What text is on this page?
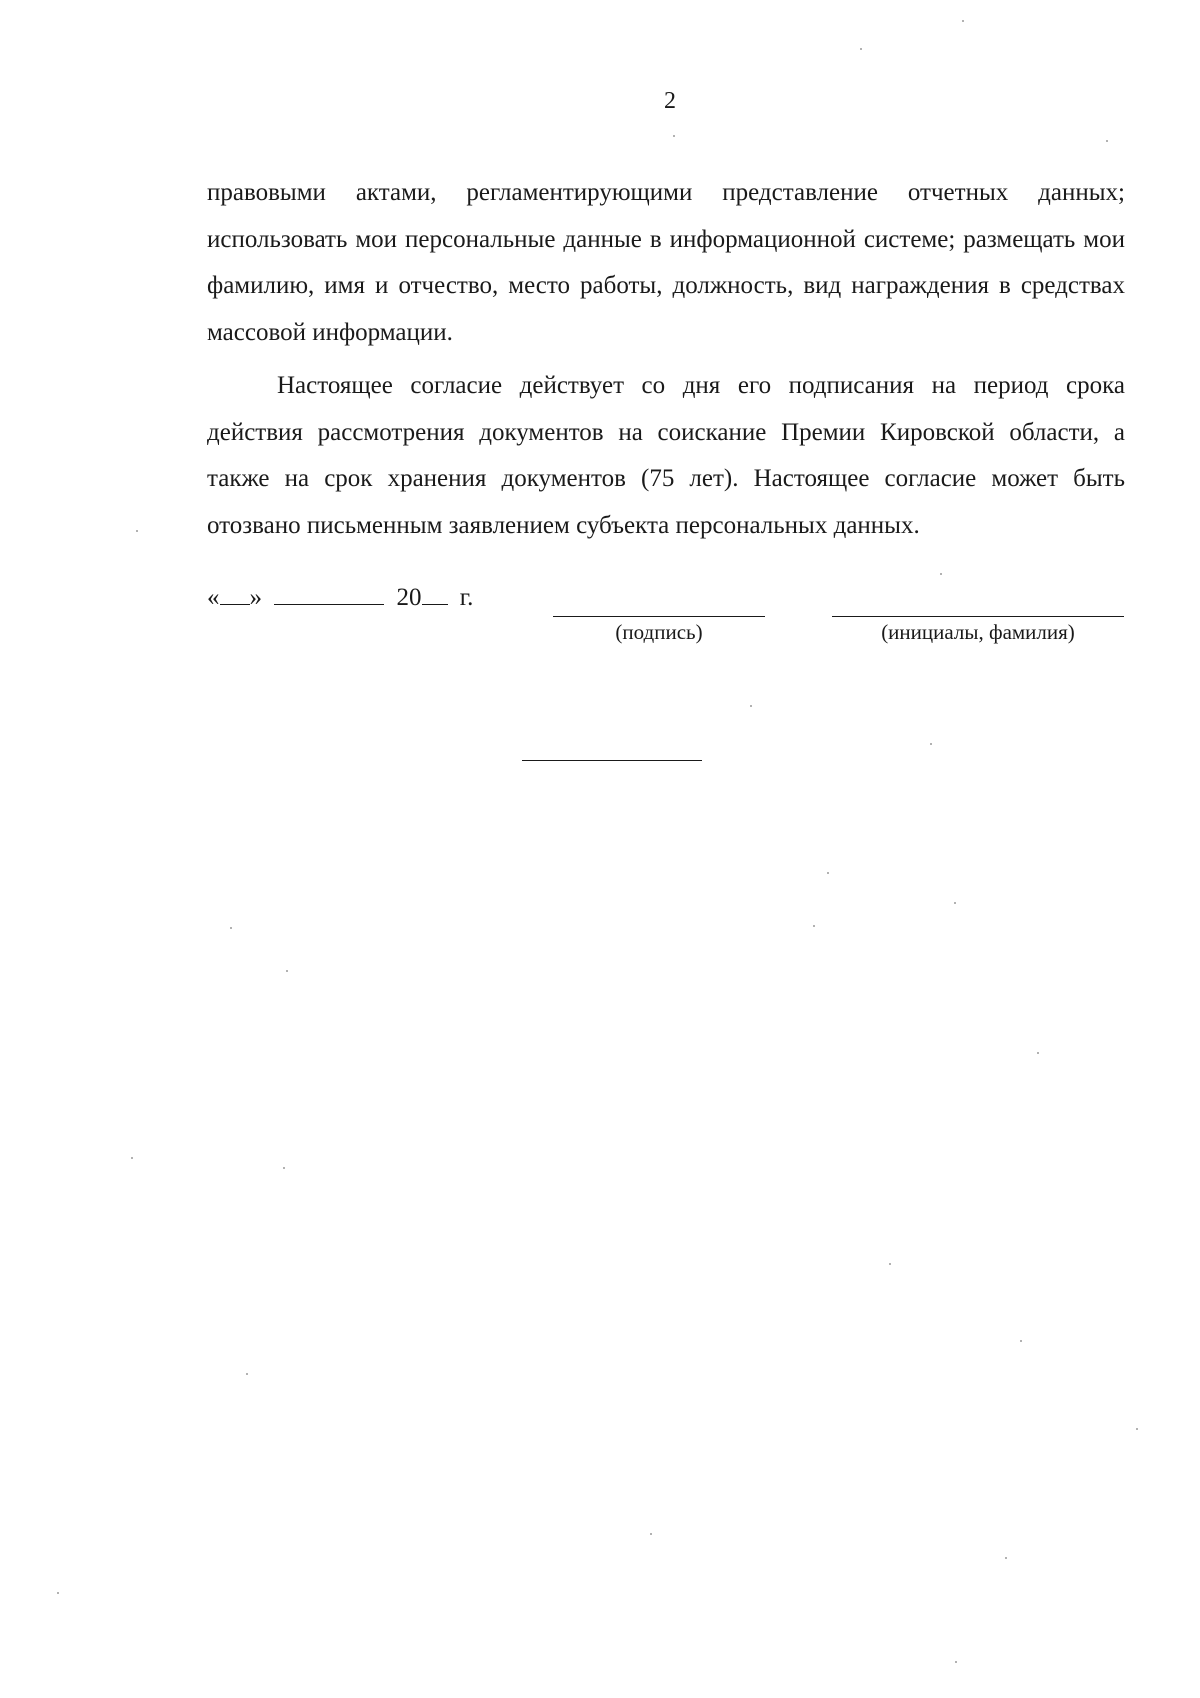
2

правовыми актами, регламентирующими представление отчетных данных; использовать мои персональные данные в информационной системе; размещать мои фамилию, имя и отчество, место работы, должность, вид награждения в средствах массовой информации.

Настоящее согласие действует со дня его подписания на период срока действия рассмотрения документов на соискание Премии Кировской области, а также на срок хранения документов (75 лет). Настоящее согласие может быть отозвано письменным заявлением субъекта персональных данных.

« »	20 г.
(подпись)	(инициалы, фамилия)
